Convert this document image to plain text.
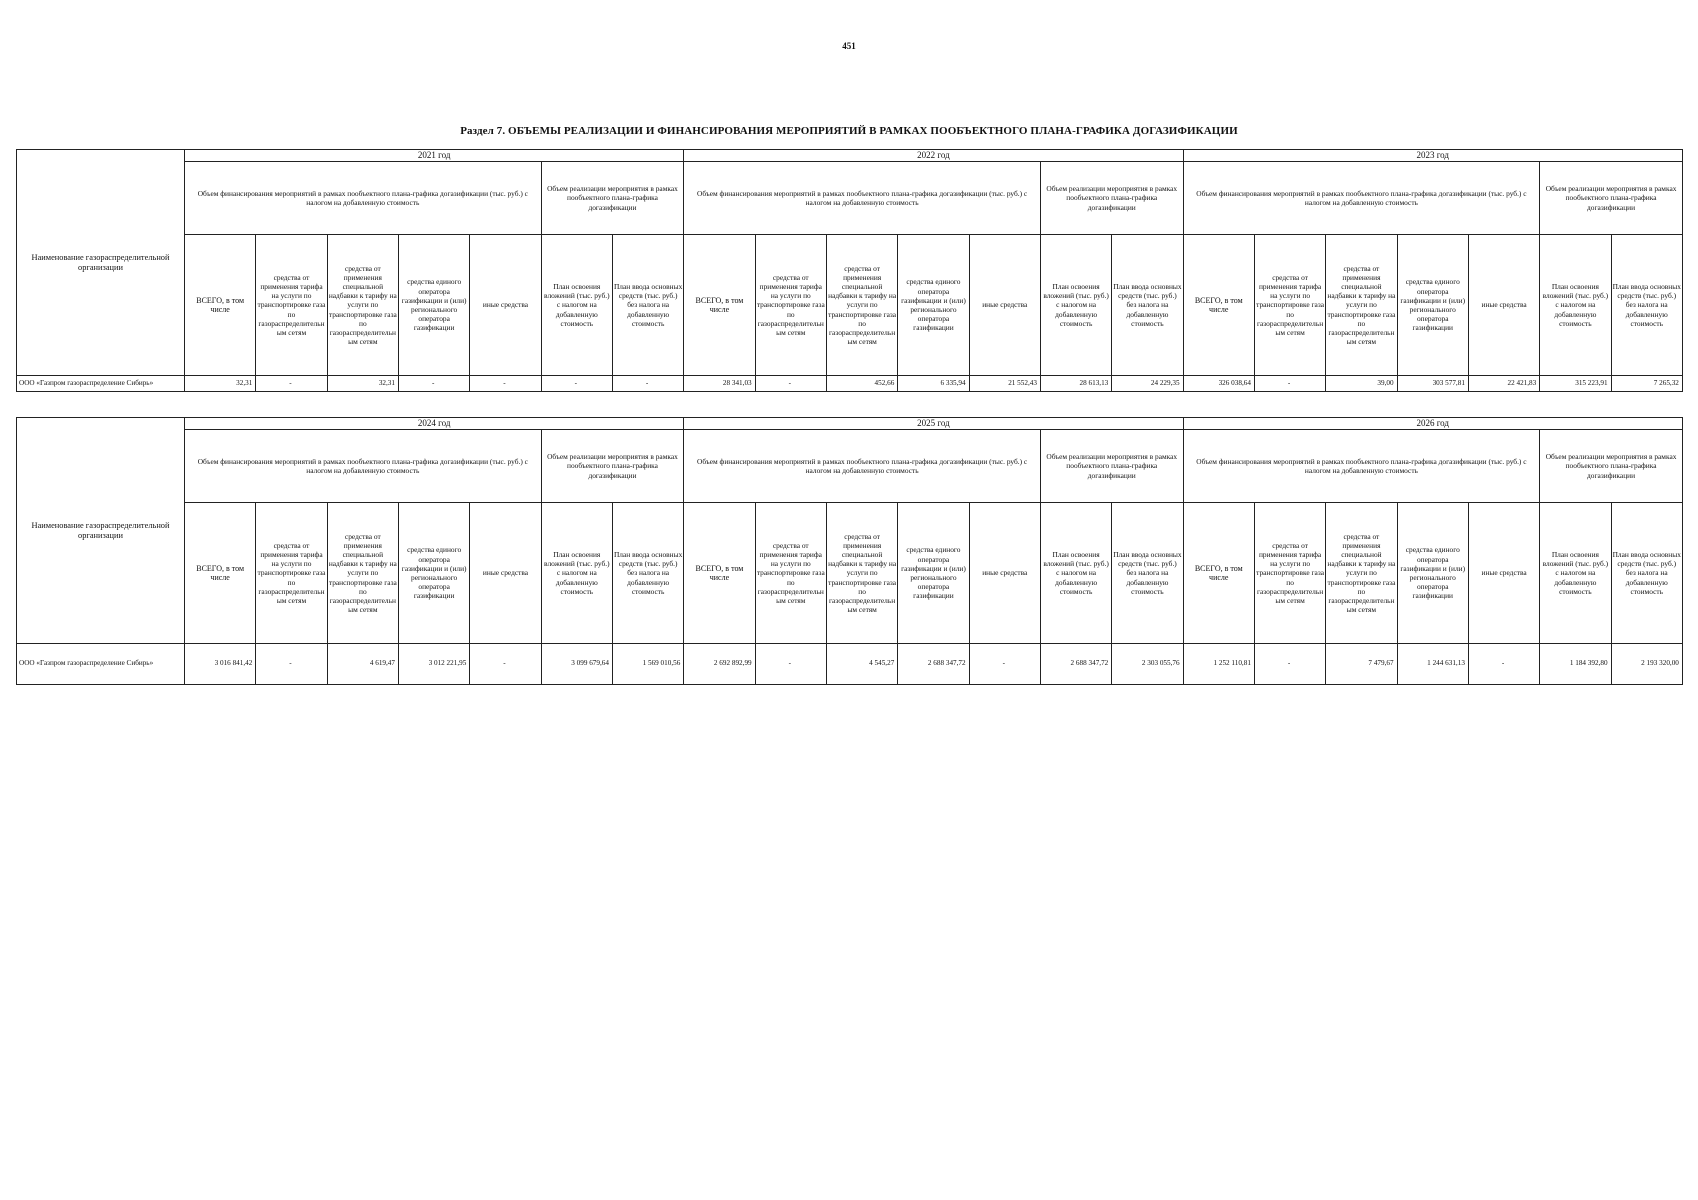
451
Раздел 7. ОБЪЕМЫ РЕАЛИЗАЦИИ И ФИНАНСИРОВАНИЯ МЕРОПРИЯТИЙ В РАМКАХ ПООБЪЕКТНОГО ПЛАНА-ГРАФИКА ДОГАЗИФИКАЦИИ
Наименование газораспределительной организации	2021 год							2022 год							2023 год						
	Объем финансирования мероприятий в рамках пообъектного плана-графика догазификации (тыс. руб.) с налогом на добавленную стоимость					Объем реализации мероприятия в рамках пообъектного плана-графика догазификации		Объем финансирования мероприятий в рамках пообъектного плана-графика догазификации (тыс. руб.) с налогом на добавленную стоимость					Объем реализации мероприятия в рамках пообъектного плана-графика догазификации		Объем финансирования мероприятий в рамках пообъектного плана-графика догазификации (тыс. руб.) с налогом на добавленную стоимость					Объем реализации мероприятия в рамках пообъектного плана-графика догазификации	
	ВСЕГО, в том числе	средства от применения тарифа на услуги по транспортировке газа по газораспределительным сетям	средства от применения специальной надбавки к тарифу на услуги по транспортировке газа по газораспределительным сетям	средства единого оператора газификации и (или) регионального оператора газификации	иные средства	План освоения вложений (тыс. руб.) с налогом на добавленную стоимость	План ввода основных средств (тыс. руб.) без налога на добавленную стоимость	ВСЕГО, в том числе	средства от применения тарифа на услуги по транспортировке газа по газораспределительным сетям	средства от применения специальной надбавки к тарифу на услуги по транспортировке газа по газораспределительным сетям	средства единого оператора газификации и (или) регионального оператора газификации	иные средства	План освоения вложений (тыс. руб.) с налогом на добавленную стоимость	План ввода основных средств (тыс. руб.) без налога на добавленную стоимость	ВСЕГО, в том числе	средства от применения тарифа на услуги по транспортировке газа по газораспределительным сетям	средства от применения специальной надбавки к тарифу на услуги по транспортировке газа по газораспределительным сетям	средства единого оператора газификации и (или) регионального оператора газификации	иные средства	План освоения вложений (тыс. руб.) с налогом на добавленную стоимость	План ввода основных средств (тыс. руб.) без налога на добавленную стоимость
ООО «Газпром газораспределение Сибирь»	32,31	-	32,31	-	-	-	-	28 341,03	-	452,66	6 335,94	21 552,43	28 613,13	24 229,35	326 038,64	-	39,00	303 577,81	22 421,83	315 223,91	7 265,32
Наименование газораспределительной организации	2024 год							2025 год							2026 год						
	Объем финансирования мероприятий в рамках пообъектного плана-графика догазификации (тыс. руб.) с налогом на добавленную стоимость					Объем реализации мероприятия в рамках пообъектного плана-графика догазификации		Объем финансирования мероприятий в рамках пообъектного плана-графика догазификации (тыс. руб.) с налогом на добавленную стоимость					Объем реализации мероприятия в рамках пообъектного плана-графика догазификации		Объем финансирования мероприятий в рамках пообъектного плана-графика догазификации (тыс. руб.) с налогом на добавленную стоимость					Объем реализации мероприятия в рамках пообъектного плана-графика догазификации	
	ВСЕГО, в том числе	средства от применения тарифа на услуги по транспортировке газа по газораспределительным сетям	средства от применения специальной надбавки к тарифу на услуги по транспортировке газа по газораспределительным сетям	средства единого оператора газификации и (или) регионального оператора газификации	иные средства	План освоения вложений (тыс. руб.) с налогом на добавленную стоимость	План ввода основных средств (тыс. руб.) без налога на добавленную стоимость	ВСЕГО, в том числе	средства от применения тарифа на услуги по транспортировке газа по газораспределительным сетям	средства от применения специальной надбавки к тарифу на услуги по транспортировке газа по газораспределительным сетям	средства единого оператора газификации и (или) регионального оператора газификации	иные средства	План освоения вложений (тыс. руб.) с налогом на добавленную стоимость	План ввода основных средств (тыс. руб.) без налога на добавленную стоимость	ВСЕГО, в том числе	средства от применения тарифа на услуги по транспортировке газа по газораспределительным сетям	средства от применения специальной надбавки к тарифу на услуги по транспортировке газа по газораспределительным сетям	средства единого оператора газификации и (или) регионального оператора газификации	иные средства	План освоения вложений (тыс. руб.) с налогом на добавленную стоимость	План ввода основных средств (тыс. руб.) без налога на добавленную стоимость
ООО «Газпром газораспределение Сибирь»	3 016 841,42	-	4 619,47	3 012 221,95	-	3 099 679,64	1 569 010,56	2 692 892,99	-	4 545,27	2 688 347,72	-	2 688 347,72	2 303 055,76	1 252 110,81	-	7 479,67	1 244 631,13	-	1 184 392,80	2 193 320,00
